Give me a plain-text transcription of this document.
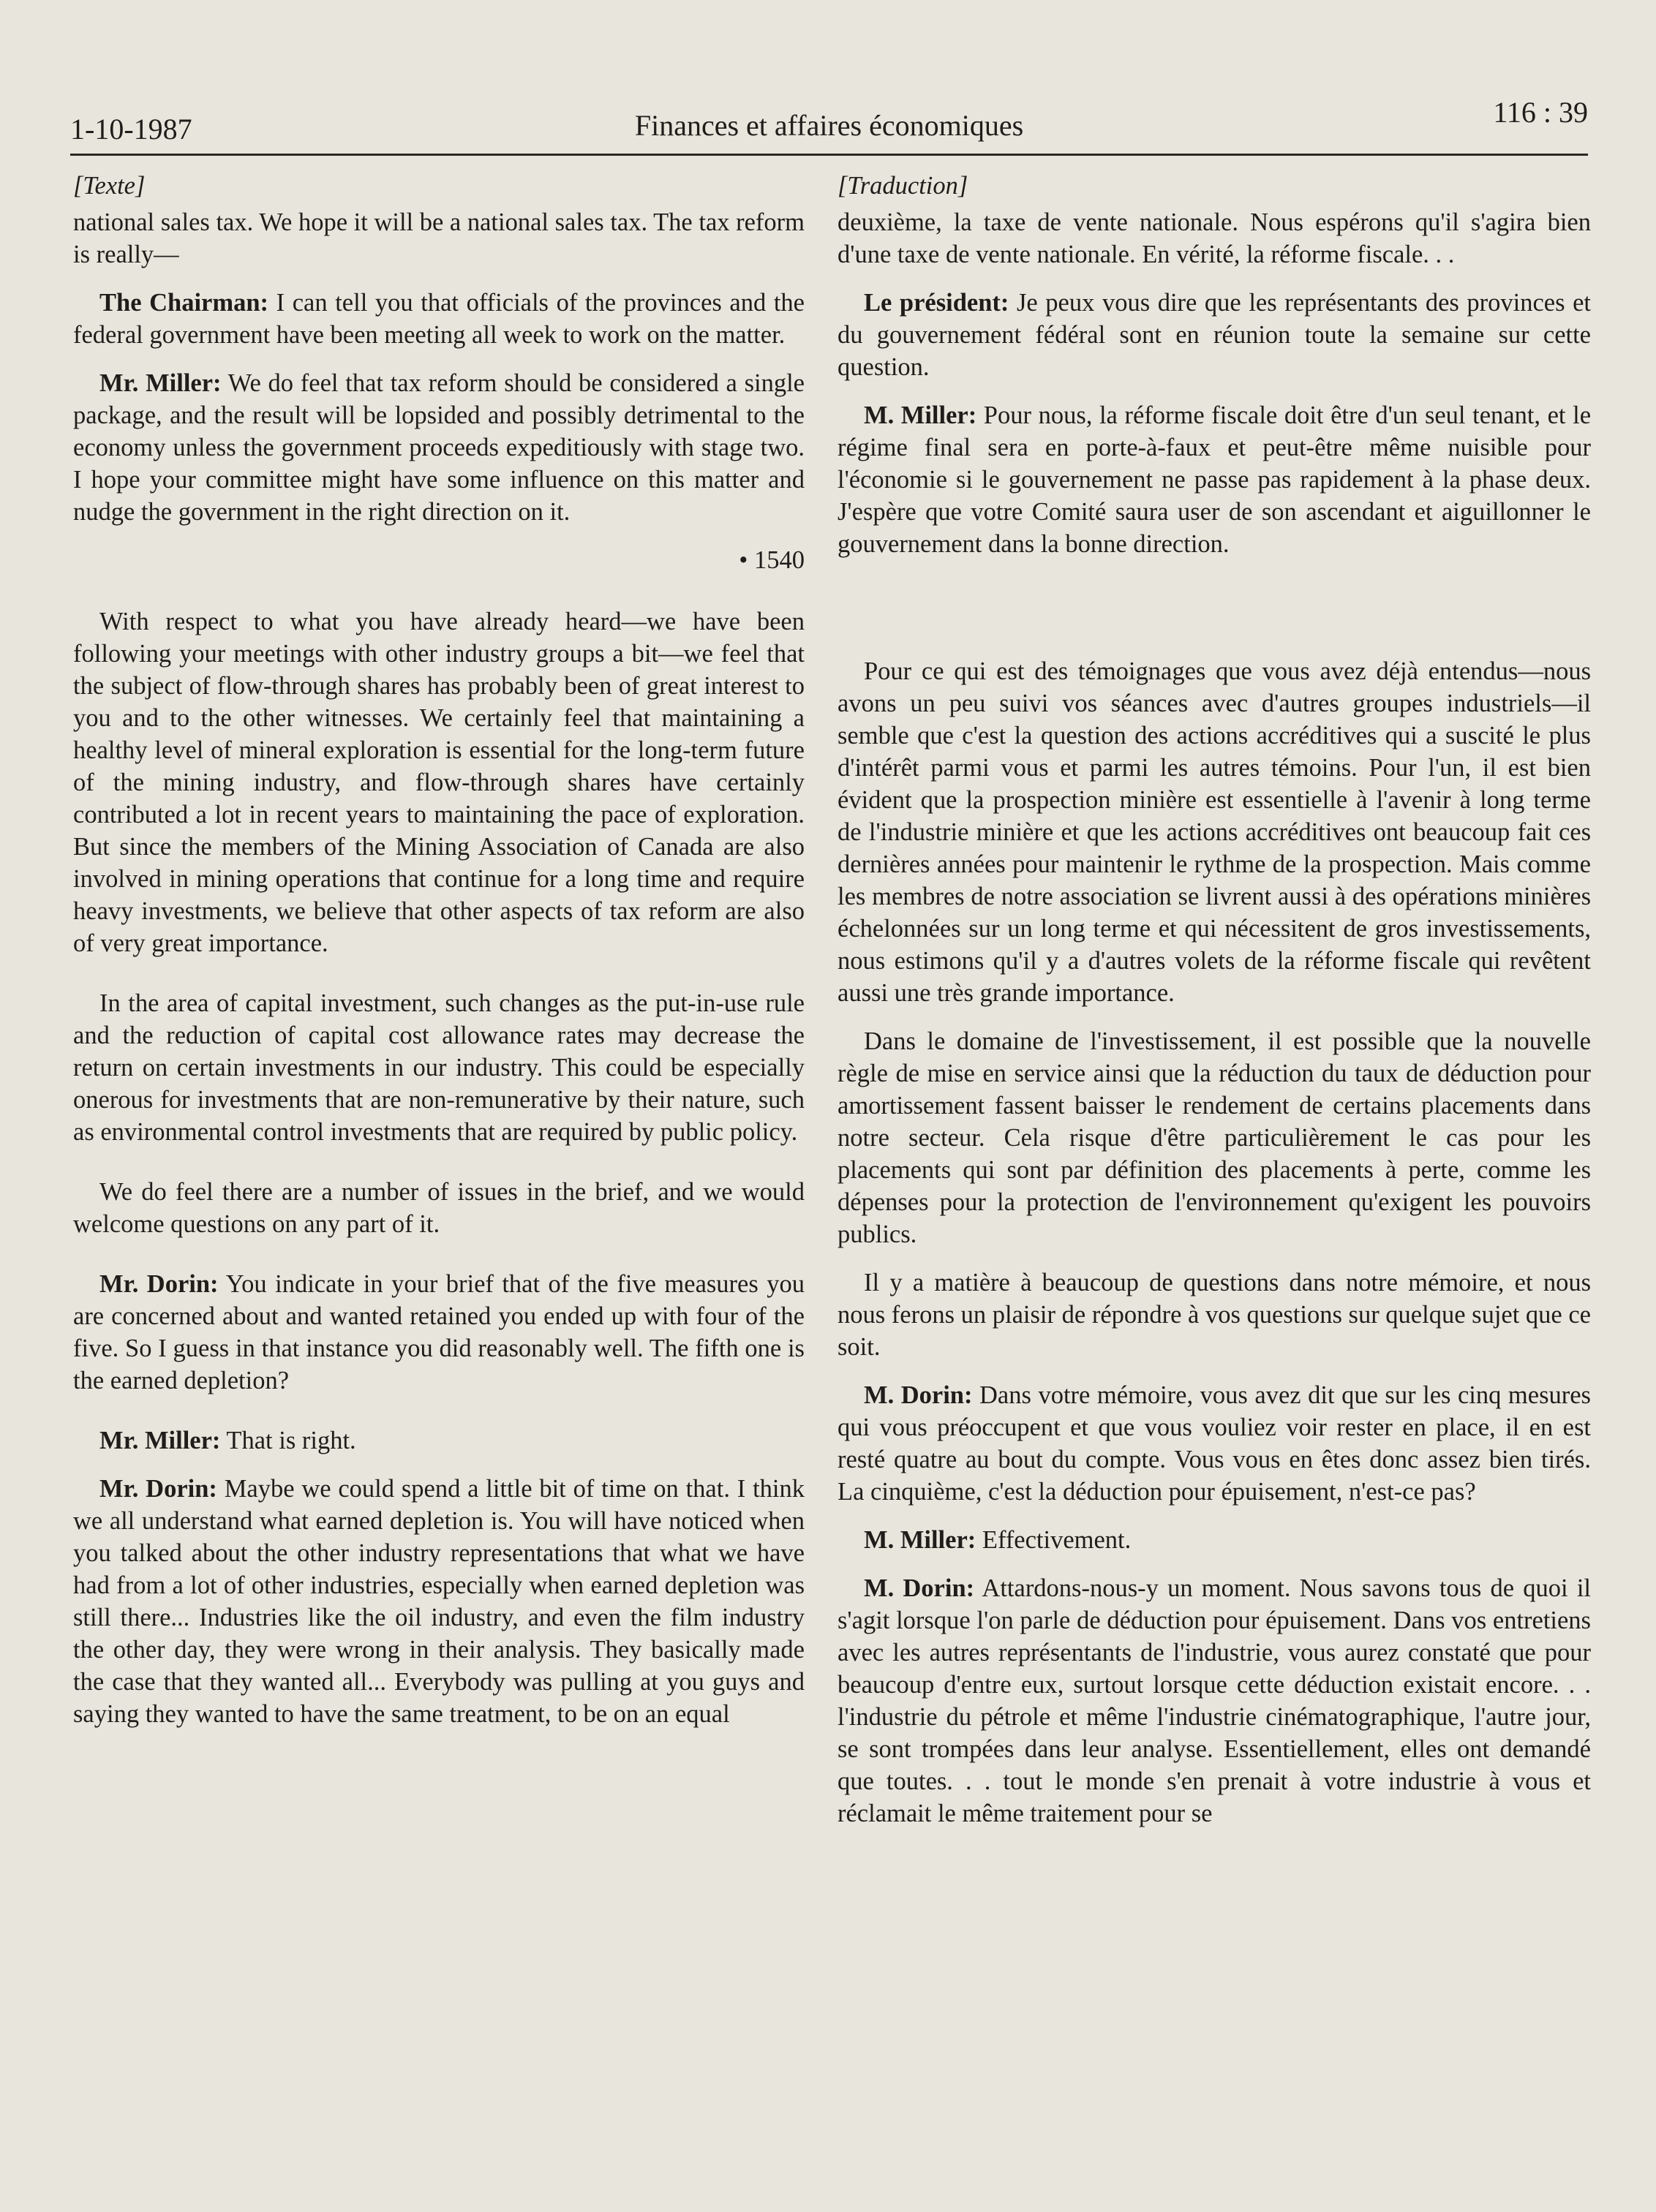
1-10-1987	Finances et affaires économiques	116 : 39
[Texte]

national sales tax. We hope it will be a national sales tax. The tax reform is really—

The Chairman: I can tell you that officials of the provinces and the federal government have been meeting all week to work on the matter.

Mr. Miller: We do feel that tax reform should be considered a single package, and the result will be lopsided and possibly detrimental to the economy unless the government proceeds expeditiously with stage two. I hope your committee might have some influence on this matter and nudge the government in the right direction on it.

• 1540

With respect to what you have already heard—we have been following your meetings with other industry groups a bit—we feel that the subject of flow-through shares has probably been of great interest to you and to the other witnesses. We certainly feel that maintaining a healthy level of mineral exploration is essential for the long-term future of the mining industry, and flow-through shares have certainly contributed a lot in recent years to maintaining the pace of exploration. But since the members of the Mining Association of Canada are also involved in mining operations that continue for a long time and require heavy investments, we believe that other aspects of tax reform are also of very great importance.

In the area of capital investment, such changes as the put-in-use rule and the reduction of capital cost allowance rates may decrease the return on certain investments in our industry. This could be especially onerous for investments that are non-remunerative by their nature, such as environmental control investments that are required by public policy.

We do feel there are a number of issues in the brief, and we would welcome questions on any part of it.

Mr. Dorin: You indicate in your brief that of the five measures you are concerned about and wanted retained you ended up with four of the five. So I guess in that instance you did reasonably well. The fifth one is the earned depletion?

Mr. Miller: That is right.

Mr. Dorin: Maybe we could spend a little bit of time on that. I think we all understand what earned depletion is. You will have noticed when you talked about the other industry representations that what we have had from a lot of other industries, especially when earned depletion was still there... Industries like the oil industry, and even the film industry the other day, they were wrong in their analysis. They basically made the case that they wanted all... Everybody was pulling at you guys and saying they wanted to have the same treatment, to be on an equal

[Traduction]

deuxième, la taxe de vente nationale. Nous espérons qu'il s'agira bien d'une taxe de vente nationale. En vérité, la réforme fiscale. . .

Le président: Je peux vous dire que les représentants des provinces et du gouvernement fédéral sont en réunion toute la semaine sur cette question.

M. Miller: Pour nous, la réforme fiscale doit être d'un seul tenant, et le régime final sera en porte-à-faux et peut-être même nuisible pour l'économie si le gouvernement ne passe pas rapidement à la phase deux. J'espère que votre Comité saura user de son ascendant et aiguillonner le gouvernement dans la bonne direction.

Pour ce qui est des témoignages que vous avez déjà entendus—nous avons un peu suivi vos séances avec d'autres groupes industriels—il semble que c'est la question des actions accréditives qui a suscité le plus d'intérêt parmi vous et parmi les autres témoins. Pour l'un, il est bien évident que la prospection minière est essentielle à l'avenir à long terme de l'industrie minière et que les actions accréditives ont beaucoup fait ces dernières années pour maintenir le rythme de la prospection. Mais comme les membres de notre association se livrent aussi à des opérations minières échelonnées sur un long terme et qui nécessitent de gros investissements, nous estimons qu'il y a d'autres volets de la réforme fiscale qui revêtent aussi une très grande importance.

Dans le domaine de l'investissement, il est possible que la nouvelle règle de mise en service ainsi que la réduction du taux de déduction pour amortissement fassent baisser le rendement de certains placements dans notre secteur. Cela risque d'être particulièrement le cas pour les placements qui sont par définition des placements à perte, comme les dépenses pour la protection de l'environnement qu'exigent les pouvoirs publics.

Il y a matière à beaucoup de questions dans notre mémoire, et nous nous ferons un plaisir de répondre à vos questions sur quelque sujet que ce soit.

M. Dorin: Dans votre mémoire, vous avez dit que sur les cinq mesures qui vous préoccupent et que vous vouliez voir rester en place, il en est resté quatre au bout du compte. Vous vous en êtes donc assez bien tirés. La cinquième, c'est la déduction pour épuisement, n'est-ce pas?

M. Miller: Effectivement.

M. Dorin: Attardons-nous-y un moment. Nous savons tous de quoi il s'agit lorsque l'on parle de déduction pour épuisement. Dans vos entretiens avec les autres représentants de l'industrie, vous aurez constaté que pour beaucoup d'entre eux, surtout lorsque cette déduction existait encore. . . l'industrie du pétrole et même l'industrie cinématographique, l'autre jour, se sont trompées dans leur analyse. Essentiellement, elles ont demandé que toutes. . . tout le monde s'en prenait à votre industrie à vous et réclamait le même traitement pour se
